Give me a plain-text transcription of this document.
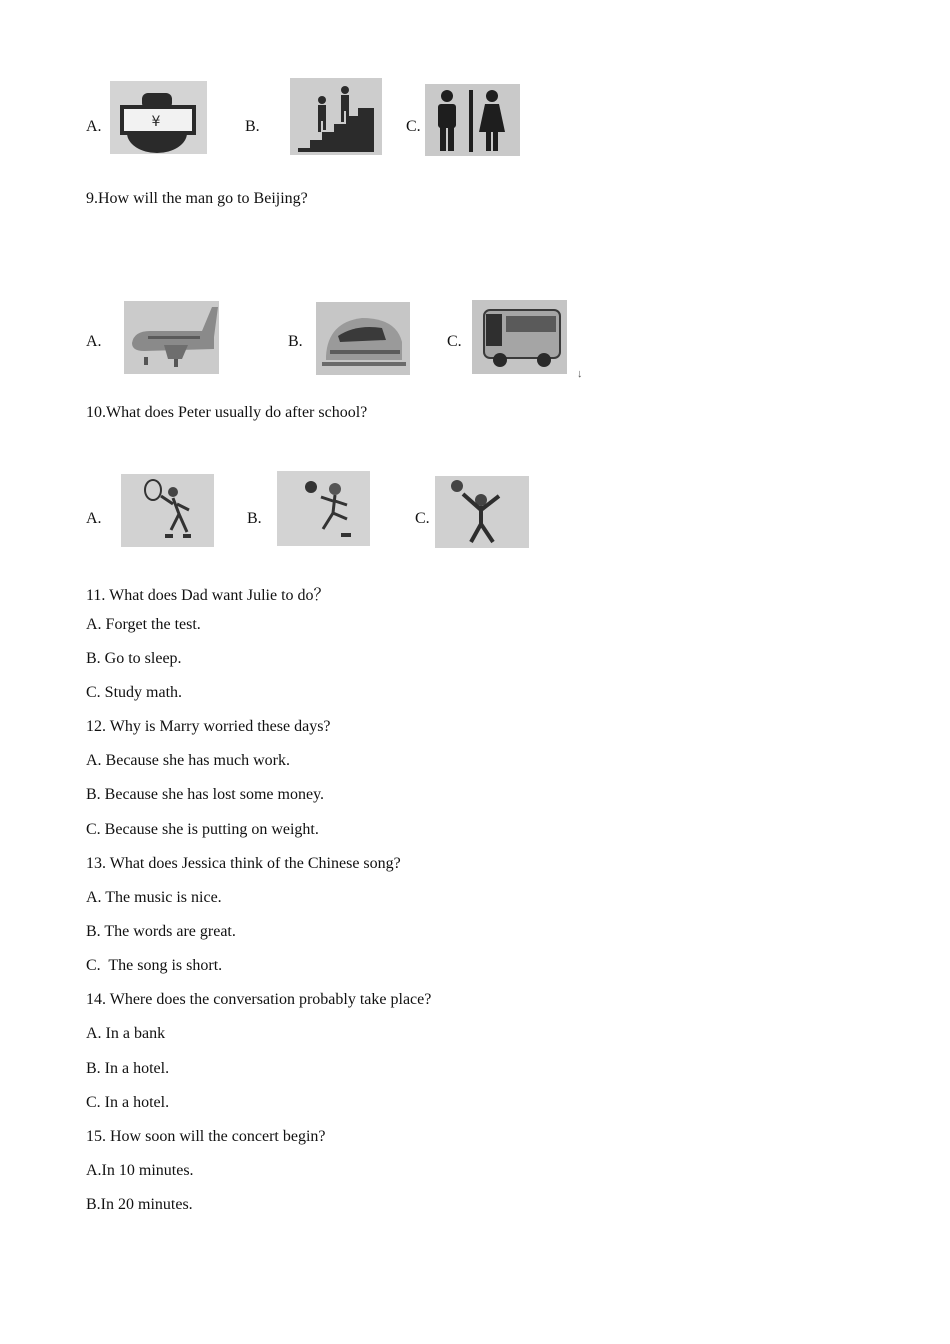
A.	¥	B.	C.
9.How will the man go to Beijing?
A.	B.	C.
↓
10.What does Peter usually do after school?
A.	B.	C.
11. What does Dad want Julie to do？
A. Forget the test.
B. Go to sleep.
C. Study math.
12. Why is Marry worried these days?
A. Because she has much work.
B. Because she has lost some money.
C. Because she is putting on weight.
13. What does Jessica think of the Chinese song?
A. The music is nice.
B. The words are great.
C.  The song is short.
14. Where does the conversation probably take place?
A. In a bank
B. In a hotel.
C. In a hotel.
15. How soon will the concert begin?
A.In 10 minutes.
B.In 20 minutes.
